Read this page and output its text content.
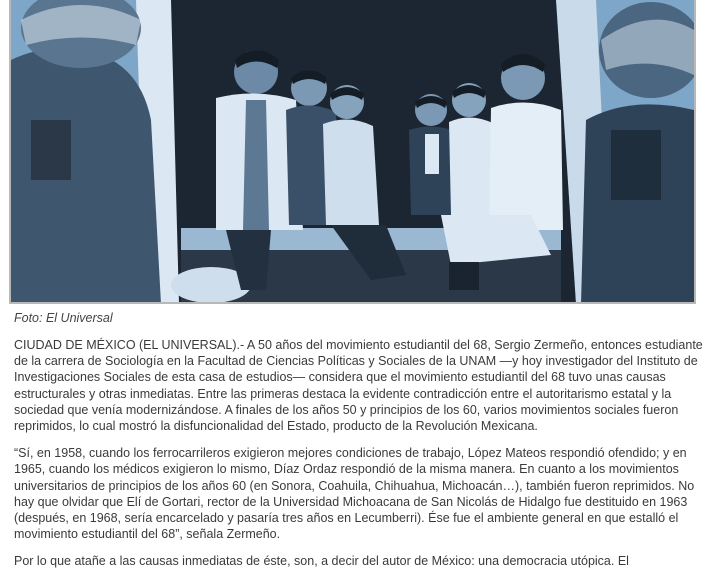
Foto: El Universal

CIUDAD DE MÉXICO (EL UNIVERSAL).- A 50 años del movimiento estudiantil del 68, Sergio Zermeño, entonces estudiante de la carrera de Sociología en la Facultad de Ciencias Políticas y Sociales de la UNAM —y hoy investigador del Instituto de Investigaciones Sociales de esta casa de estudios— considera que el movimiento estudiantil del 68 tuvo unas causas estructurales y otras inmediatas. Entre las primeras destaca la evidente contradicción entre el autoritarismo estatal y la sociedad que venía modernizándose. A finales de los años 50 y principios de los 60, varios movimientos sociales fueron reprimidos, lo cual mostró la disfuncionalidad del Estado, producto de la Revolución Mexicana.

“Sí, en 1958, cuando los ferrocarrileros exigieron mejores condiciones de trabajo, López Mateos respondió ofendido; y en 1965, cuando los médicos exigieron lo mismo, Díaz Ordaz respondió de la misma manera. En cuanto a los movimientos universitarios de principios de los años 60 (en Sonora, Coahuila, Chihuahua, Michoacán…), también fueron reprimidos. No hay que olvidar que Elí de Gortari, rector de la Universidad Michoacana de San Nicolás de Hidalgo fue destituido en 1963 (después, en 1968, sería encarcelado y pasaría tres años en Lecumberri). Ése fue el ambiente general en que estalló el movimiento estudiantil del 68”, señala Zermeño.

Por lo que atañe a las causas inmediatas de éste, son, a decir del autor de México: una democracia utópica. El
